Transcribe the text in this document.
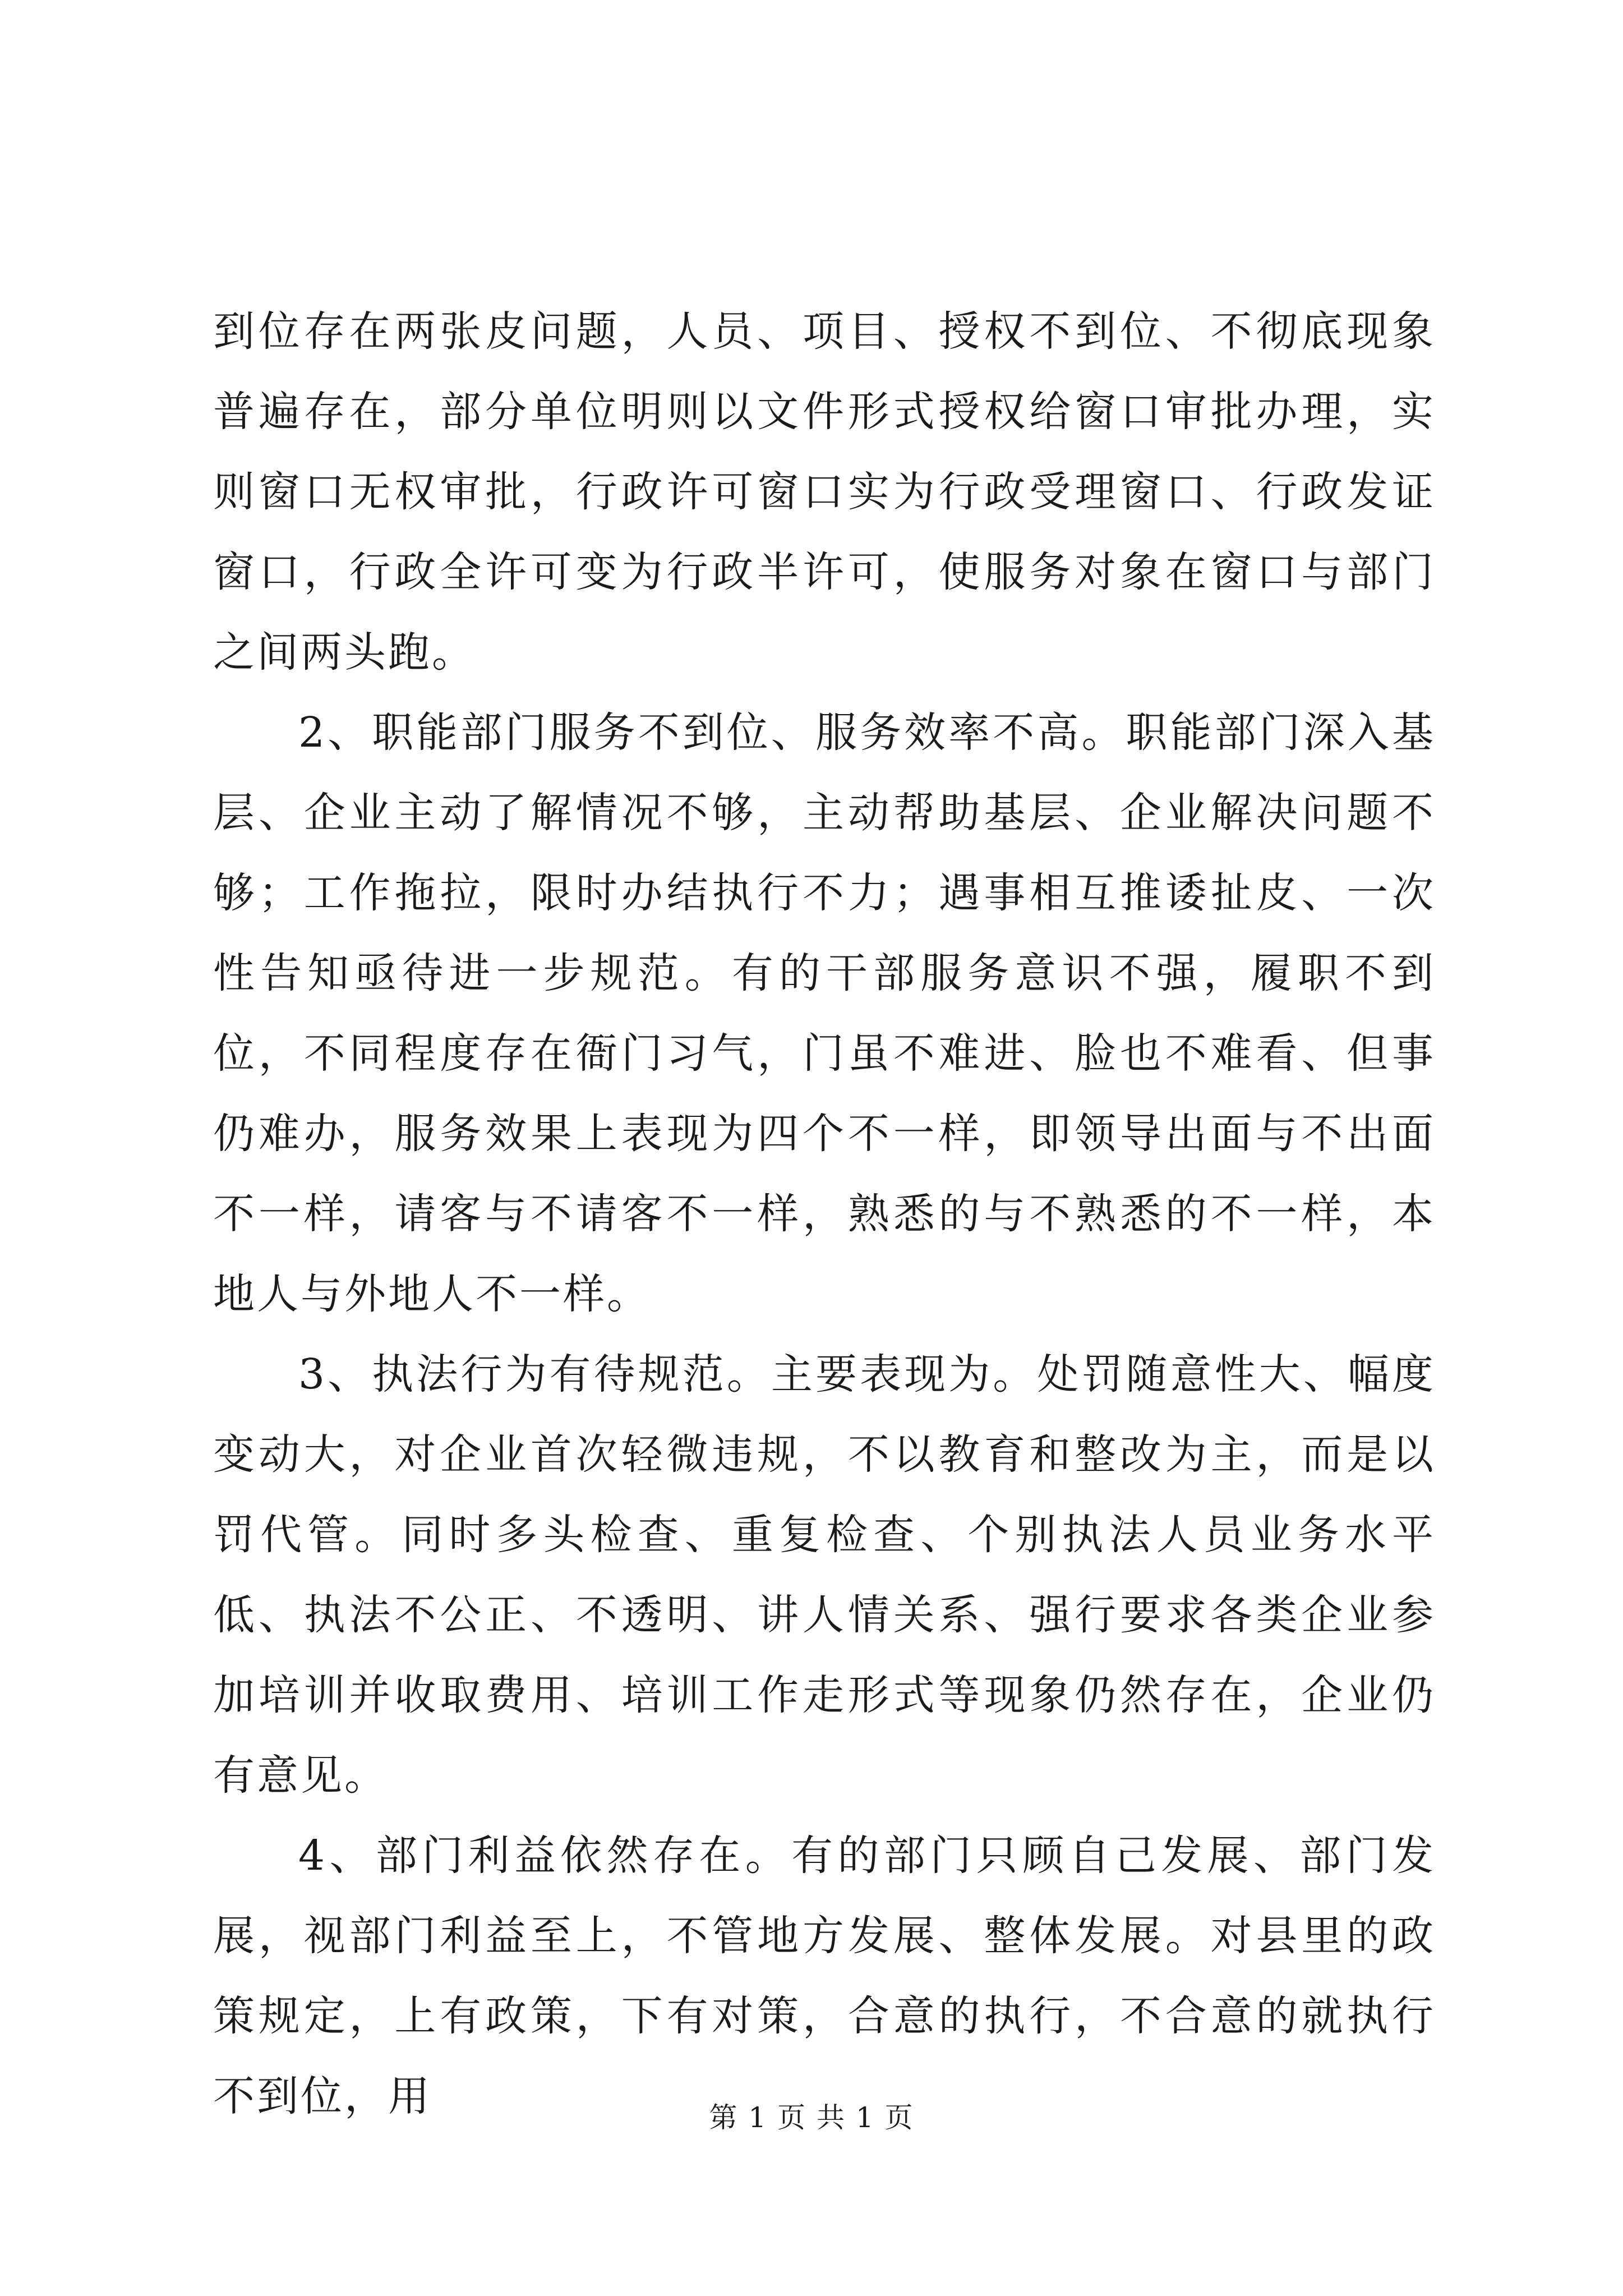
到位存在两张皮问题，人员、项目、授权不到位、不彻底现象普遍存在，部分单位明则以文件形式授权给窗口审批办理，实则窗口无权审批，行政许可窗口实为行政受理窗口、行政发证窗口，行政全许可变为行政半许可，使服务对象在窗口与部门之间两头跑。

2、职能部门服务不到位、服务效率不高。职能部门深入基层、企业主动了解情况不够，主动帮助基层、企业解决问题不够；工作拖拉，限时办结执行不力；遇事相互推诿扯皮、一次性告知亟待进一步规范。有的干部服务意识不强，履职不到位，不同程度存在衙门习气，门虽不难进、脸也不难看、但事仍难办，服务效果上表现为四个不一样，即领导出面与不出面不一样，请客与不请客不一样，熟悉的与不熟悉的不一样，本地人与外地人不一样。

3、执法行为有待规范。主要表现为。处罚随意性大、幅度变动大，对企业首次轻微违规，不以教育和整改为主，而是以罚代管。同时多头检查、重复检查、个别执法人员业务水平低、执法不公正、不透明、讲人情关系、强行要求各类企业参加培训并收取费用、培训工作走形式等现象仍然存在，企业仍有意见。

4、部门利益依然存在。有的部门只顾自己发展、部门发展，视部门利益至上，不管地方发展、整体发展。对县里的政策规定，上有政策，下有对策，合意的执行，不合意的就执行不到位，用	第 1 页 共 1 页
